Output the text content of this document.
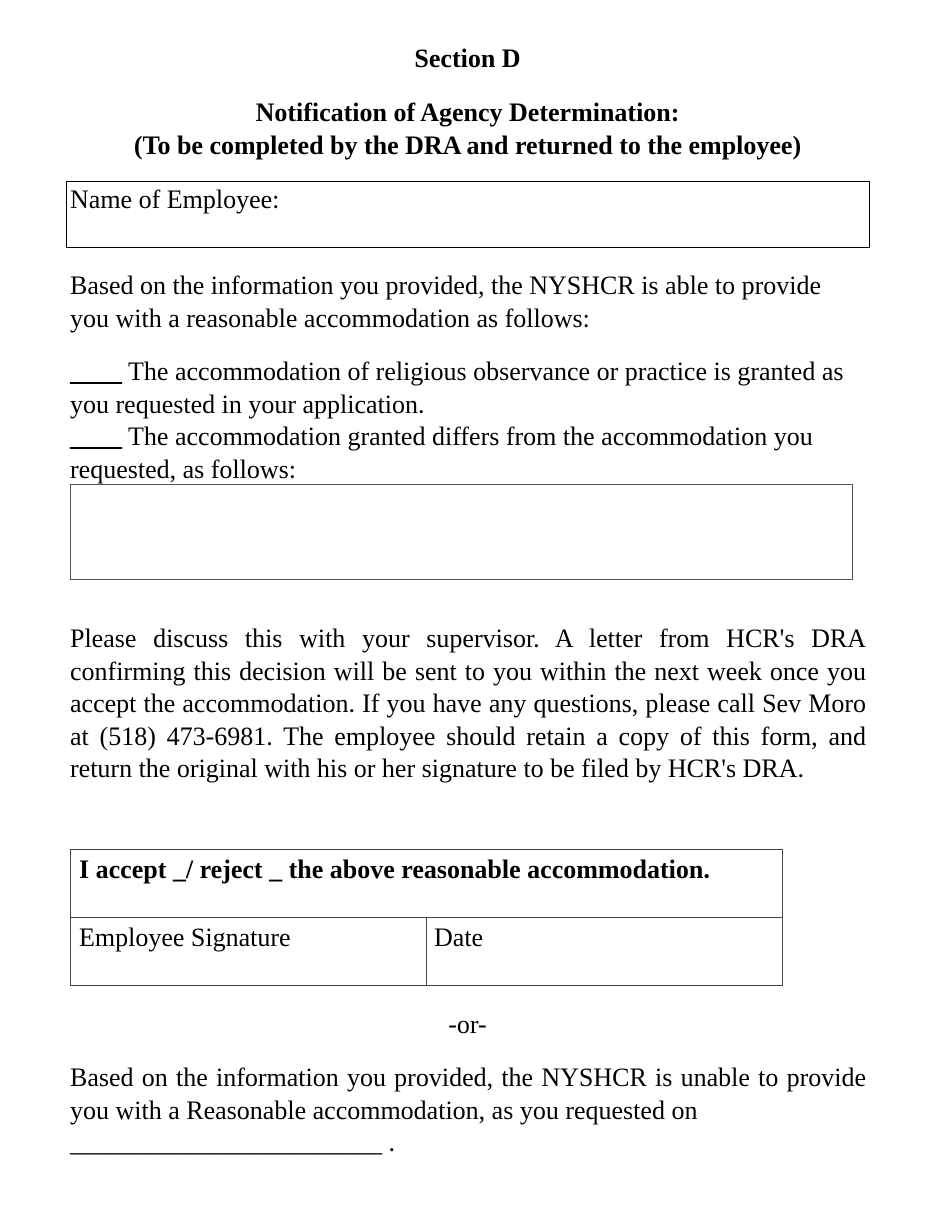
Section D
Notification of Agency Determination:
(To be completed by the DRA and returned to the employee)
Name of Employee:
Based on the information you provided, the NYSHCR is able to provide you with a reasonable accommodation as follows:
____ The accommodation of religious observance or practice is granted as you requested in your application.
____ The accommodation granted differs from the accommodation you requested, as follows:
Please discuss this with your supervisor. A letter from HCR's DRA confirming this decision will be sent to you within the next week once you accept the accommodation. If you have any questions, please call Sev Moro at (518) 473-6981. The employee should retain a copy of this form, and return the original with his or her signature to be filed by HCR's DRA.
I accept _/ reject _ the above reasonable accommodation.
Employee Signature	Date
-or-
Based on the information you provided, the NYSHCR is unable to provide you with a Reasonable accommodation, as you requested on
________________________ .
